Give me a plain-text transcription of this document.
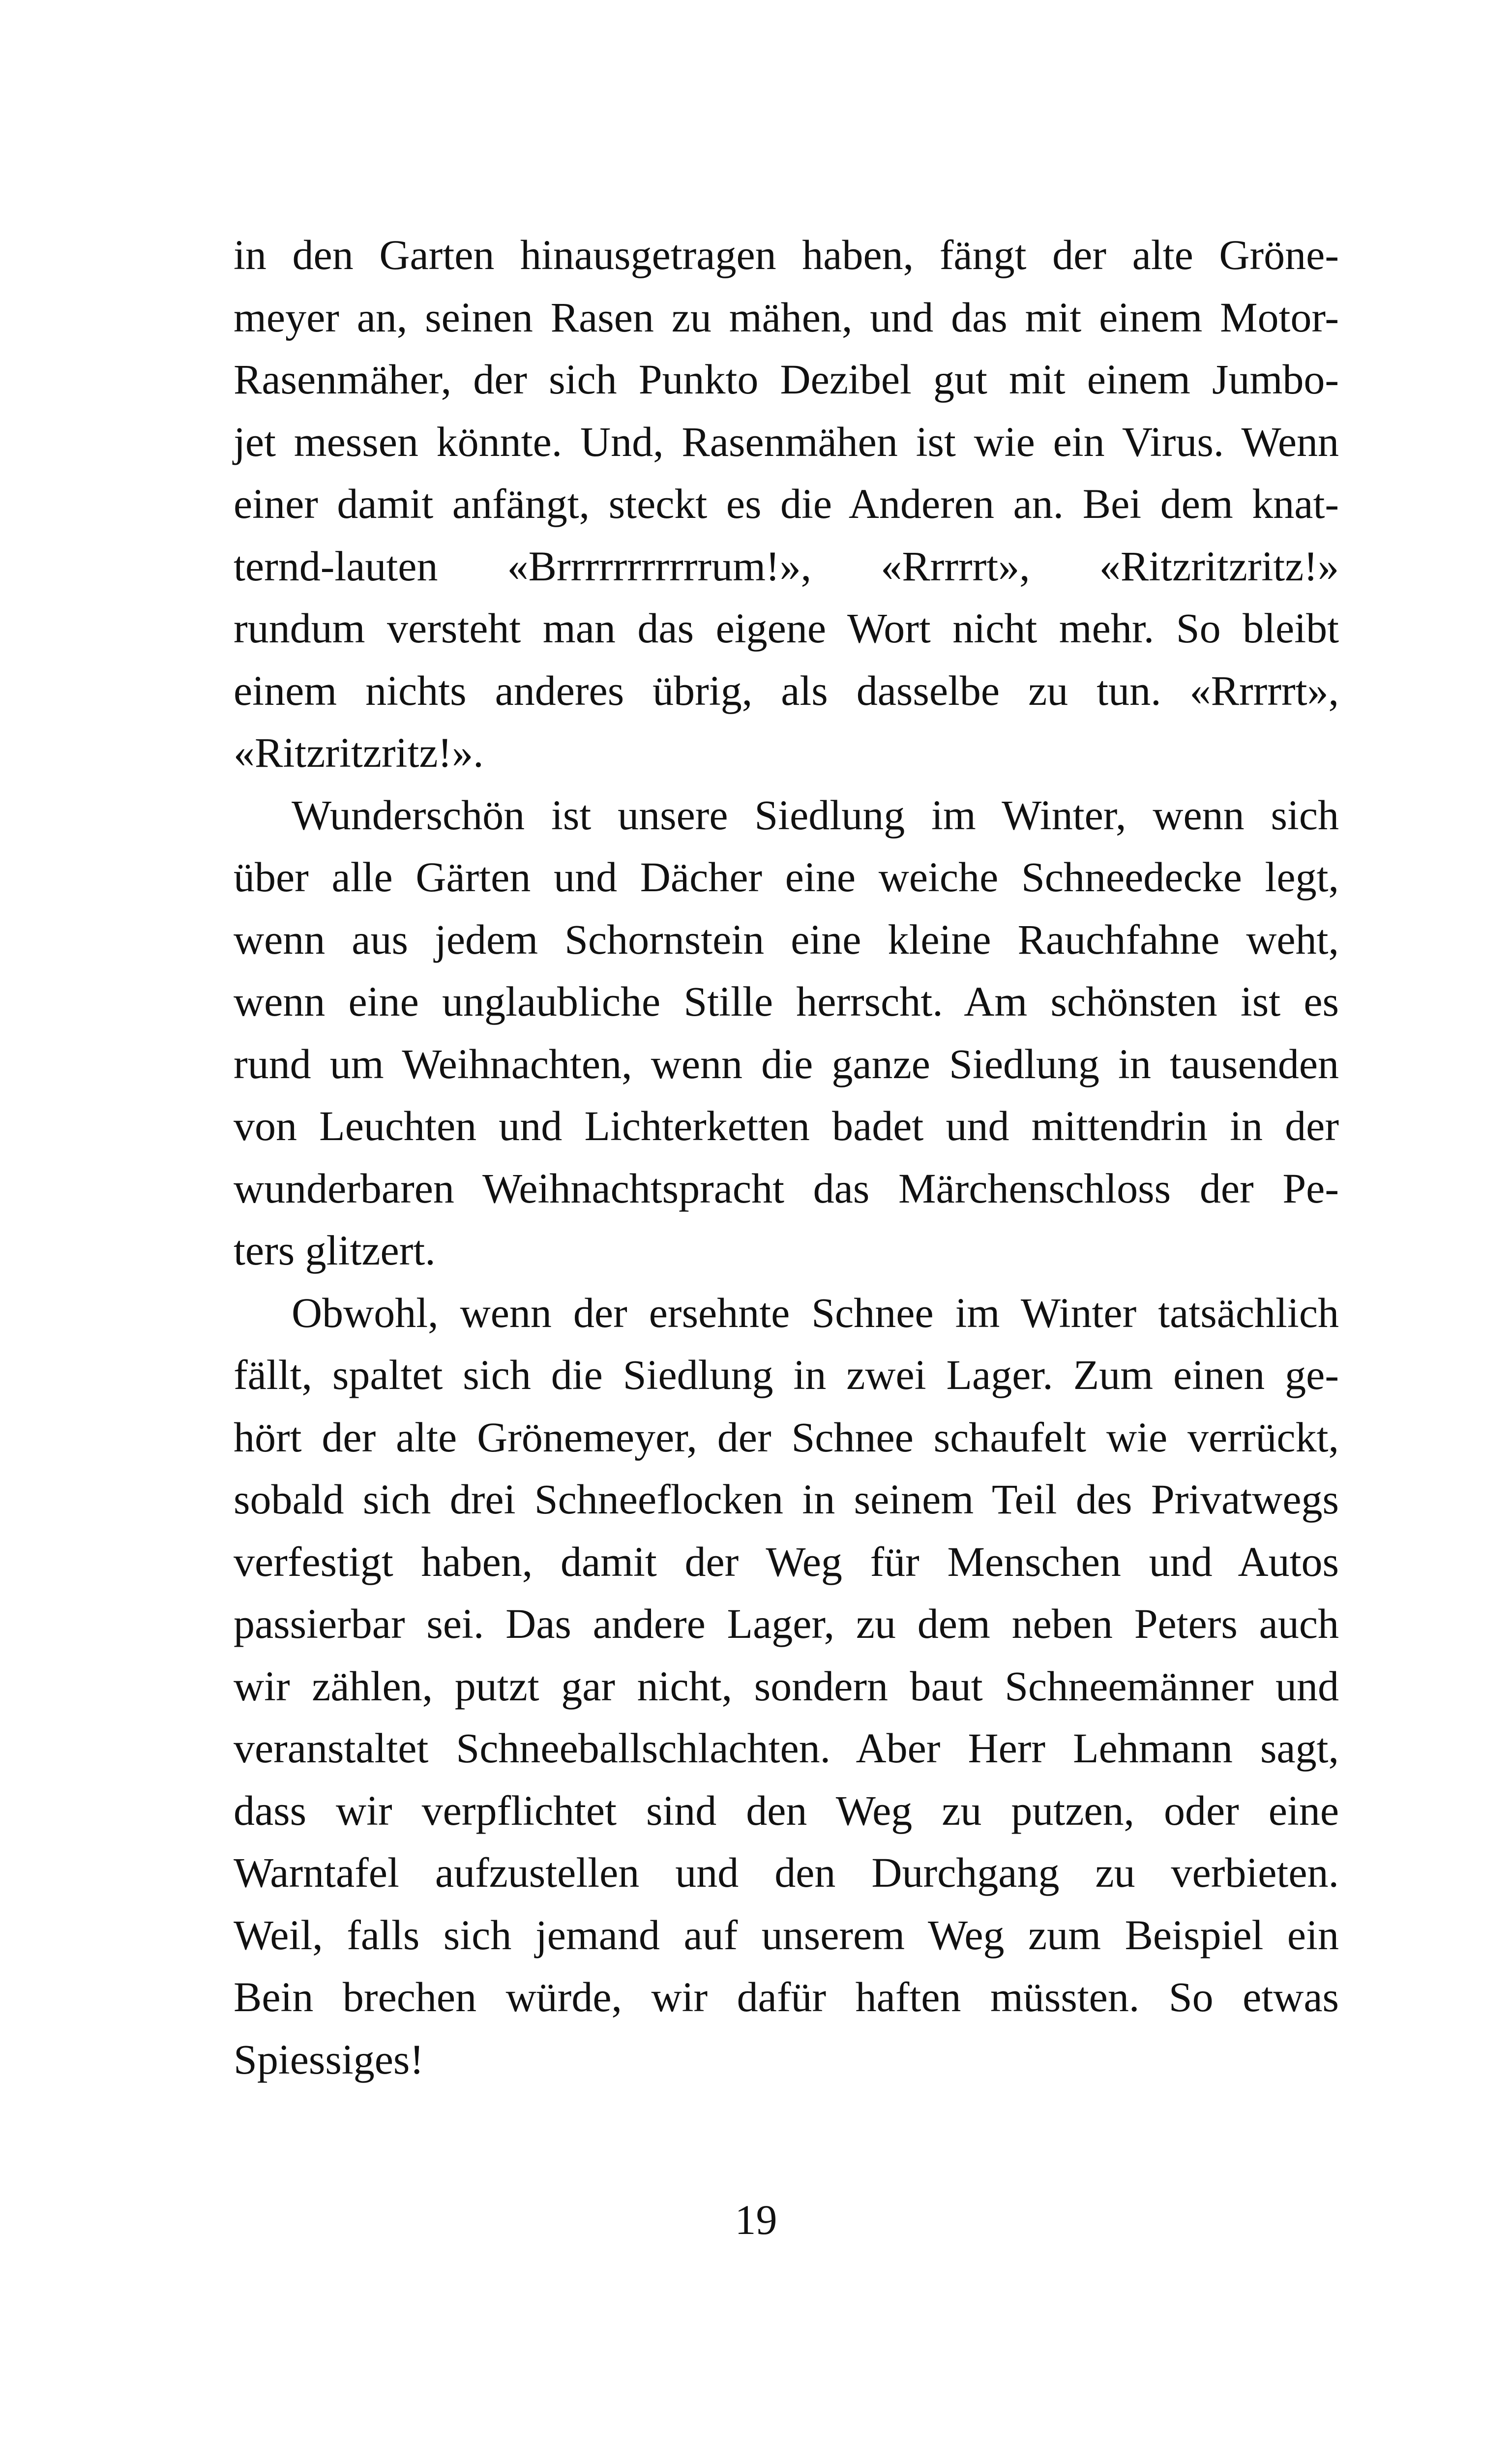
in den Garten hinausgetragen haben, fängt der alte Gröne-
meyer an, seinen Rasen zu mähen, und das mit einem Motor-
Rasenmäher, der sich Punkto Dezibel gut mit einem Jumbo-
jet messen könnte. Und, Rasenmähen ist wie ein Virus. Wenn
einer damit anfängt, steckt es die Anderen an. Bei dem knat-
ternd-lauten «Brrrrrrrrrrrum!», «Rrrrrt», «Ritzritzritz!»
rundum versteht man das eigene Wort nicht mehr. So bleibt
einem nichts anderes übrig, als dasselbe zu tun. «Rrrrrt»,
«Ritzritzritz!».
Wunderschön ist unsere Siedlung im Winter, wenn sich
über alle Gärten und Dächer eine weiche Schneedecke legt,
wenn aus jedem Schornstein eine kleine Rauchfahne weht,
wenn eine unglaubliche Stille herrscht. Am schönsten ist es
rund um Weihnachten, wenn die ganze Siedlung in tausenden
von Leuchten und Lichterketten badet und mittendrin in der
wunderbaren Weihnachtspracht das Märchenschloss der Pe-
ters glitzert.
Obwohl, wenn der ersehnte Schnee im Winter tatsächlich
fällt, spaltet sich die Siedlung in zwei Lager. Zum einen ge-
hört der alte Grönemeyer, der Schnee schaufelt wie verrückt,
sobald sich drei Schneeflocken in seinem Teil des Privatwegs
verfestigt haben, damit der Weg für Menschen und Autos
passierbar sei. Das andere Lager, zu dem neben Peters auch
wir zählen, putzt gar nicht, sondern baut Schneemänner und
veranstaltet Schneeballschlachten. Aber Herr Lehmann sagt,
dass wir verpflichtet sind den Weg zu putzen, oder eine
Warntafel aufzustellen und den Durchgang zu verbieten.
Weil, falls sich jemand auf unserem Weg zum Beispiel ein
Bein brechen würde, wir dafür haften müssten. So etwas
Spiessiges!
19
